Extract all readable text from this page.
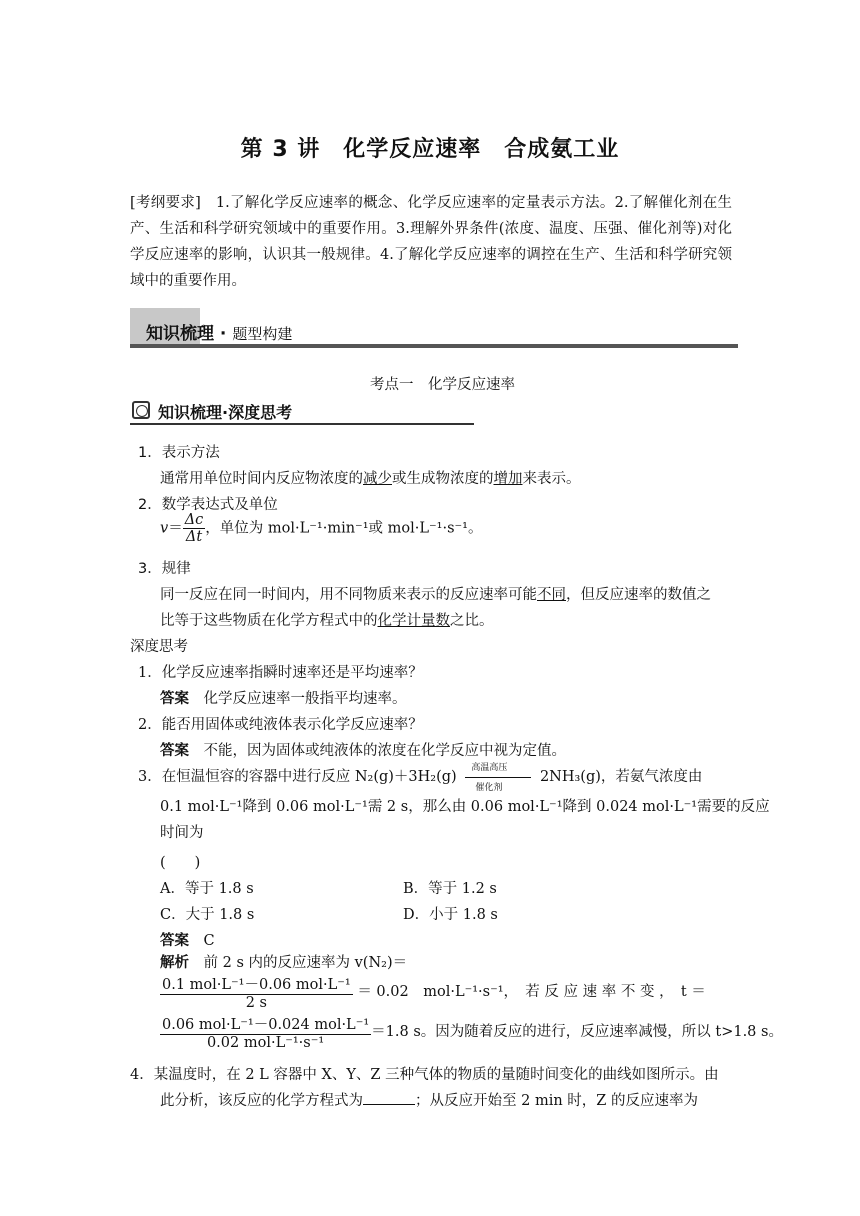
第 3 讲　化学反应速率　合成氨工业
[考纲要求]　1.了解化学反应速率的概念、化学反应速率的定量表示方法。2.了解催化剂在生产、生活和科学研究领域中的重要作用。3.理解外界条件(浓度、温度、压强、催化剂等)对化学反应速率的影响，认识其一般规律。4.了解化学反应速率的调控在生产、生活和科学研究领域中的重要作用。
知识梳理 · 题型构建
考点一　化学反应速率
知识梳理·深度思考
1．表示方法
通常用单位时间内反应物浓度的减少或生成物浓度的增加来表示。
2．数学表达式及单位
$v= \frac{\Delta c}{\Delta t}$ ，单位为 mol·L⁻¹·min⁻¹或 mol·L⁻¹·s⁻¹。
3．规律
同一反应在同一时间内，用不同物质来表示的反应速率可能不同，但反应速率的数值之
比等于这些物质在化学方程式中的化学计量数之比。
深度思考
1．化学反应速率指瞬时速率还是平均速率？
答案　 化学反应速率一般指平均速率。
2．能否用固体或纯液体表示化学反应速率？
答案　 不能，因为固体或纯液体的浓度在化学反应中视为定值。
3．在恒温恒容的容器中进行反应 N₂(g)＋3H₂(g)
高温高压
催化剂
2NH₃(g)，若氨气浓度由
0.1 mol·L⁻¹降到 0.06 mol·L⁻¹需 2 s，那么由 0.06 mol·L⁻¹降到 0.024 mol·L⁻¹需要的反应
时间为
(　　)
A．等于 1.8 s	B．等于 1.2 s
C．大于 1.8 s	D．小于 1.8 s
答案　 C
解析　 前 2 s 内的反应速率为 v(N₂)＝
$\frac{\text{0.1 mol·L⁻¹－0.06 mol·L⁻¹}}{2 s} = 0.02$　mol·L⁻¹·s⁻¹，　若 反 应 速 率 不 变 ，　t ＝
$\frac{\text{0.06 mol·L⁻¹－0.024 mol·L⁻¹}}{\text{0.02 mol·L⁻¹·s⁻¹}} =1.8$ s。因为随着反应的进行，反应速率减慢，所以 t>1.8 s。
4．某温度时，在 2 L 容器中 X、Y、Z 三种气体的物质的量随时间变化的曲线如图所示。由
此分析，该反应的化学方程式为	；从反应开始至 2 min 时，Z 的反应速率为
